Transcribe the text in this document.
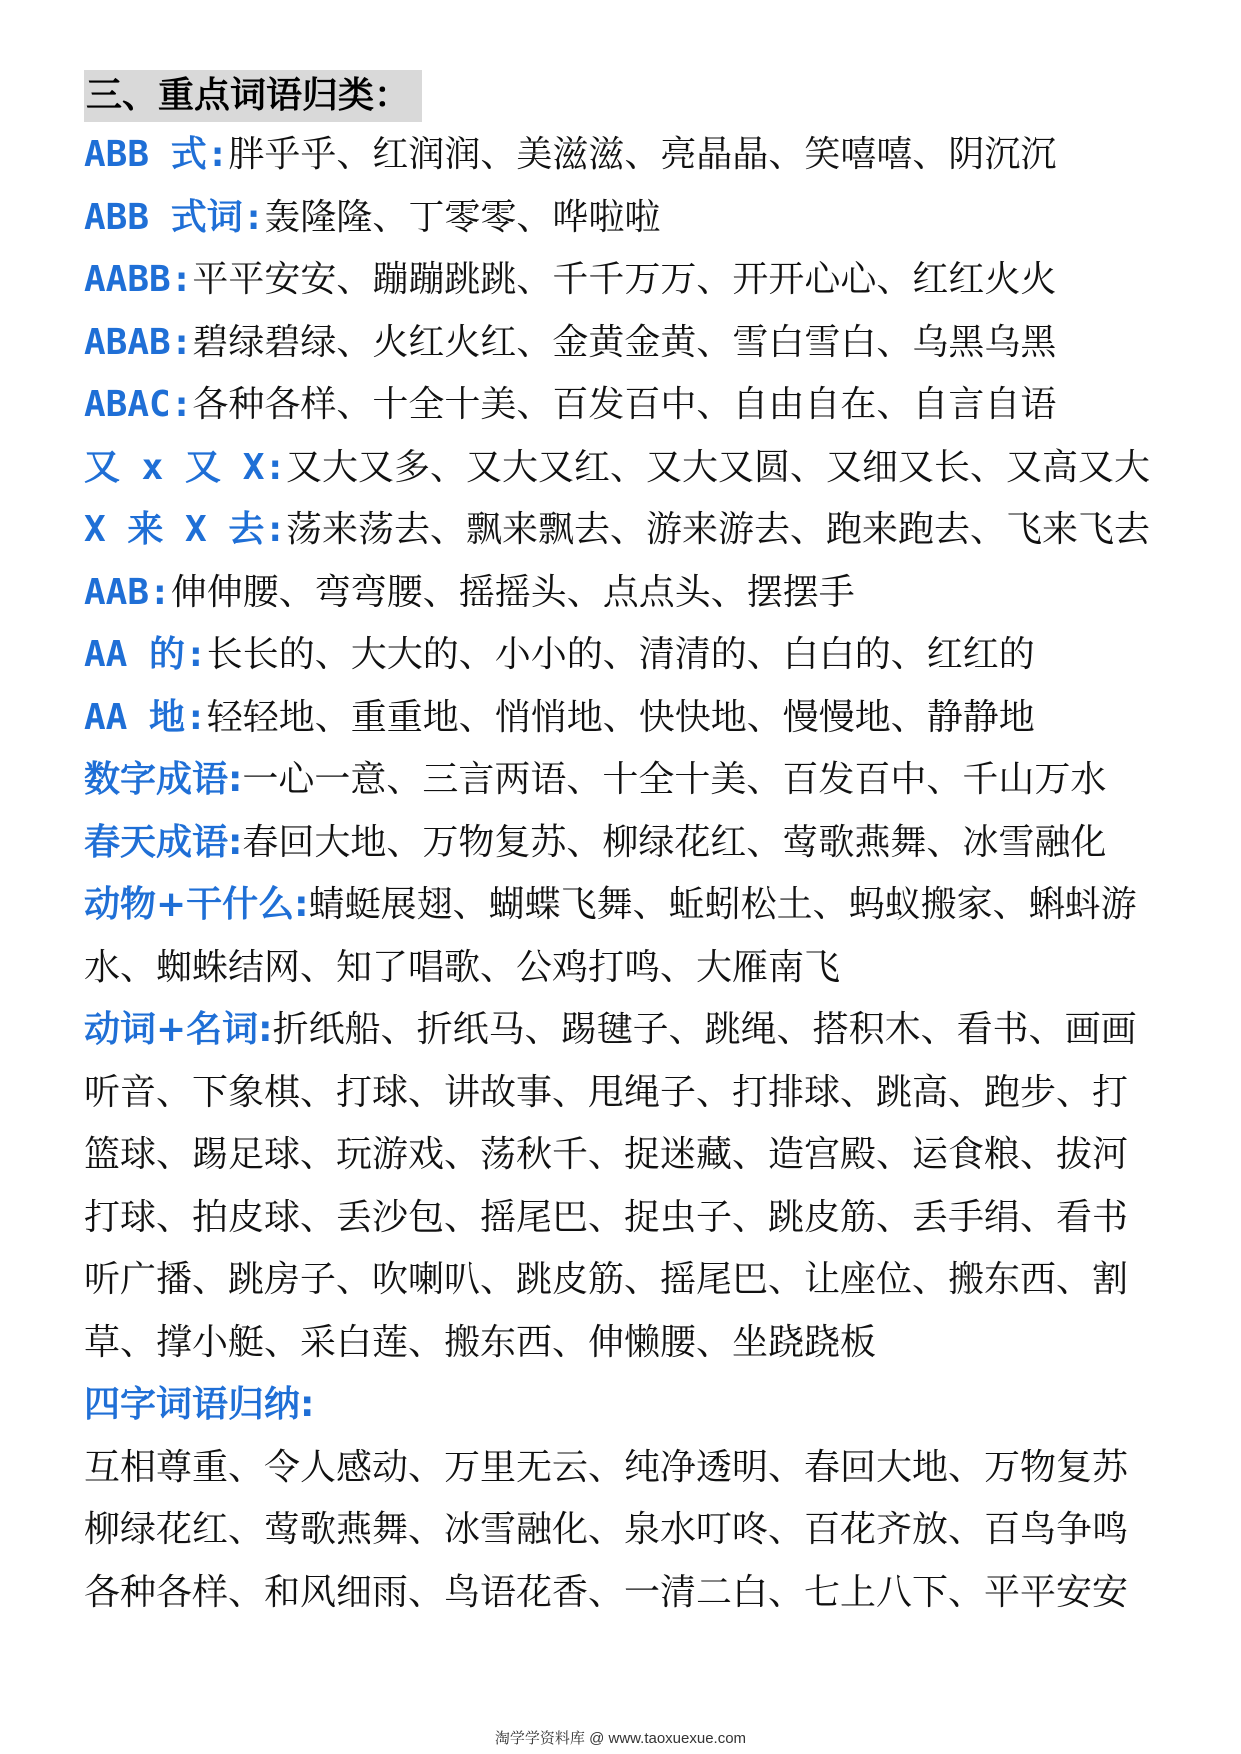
三、重点词语归类：
ABB 式:胖乎乎、红润润、美滋滋、亮晶晶、笑嘻嘻、阴沉沉
ABB 式词:轰隆隆、丁零零、哗啦啦
AABB:平平安安、蹦蹦跳跳、千千万万、开开心心、红红火火
ABAB:碧绿碧绿、火红火红、金黄金黄、雪白雪白、乌黑乌黑
ABAC:各种各样、十全十美、百发百中、自由自在、自言自语
又 x 又 X:又大又多、又大又红、又大又圆、又细又长、又高又大
X 来 X 去:荡来荡去、飘来飘去、游来游去、跑来跑去、飞来飞去
AAB:伸伸腰、弯弯腰、摇摇头、点点头、摆摆手
AA 的:长长的、大大的、小小的、清清的、白白的、红红的
AA 地:轻轻地、重重地、悄悄地、快快地、慢慢地、静静地
数字成语:一心一意、三言两语、十全十美、百发百中、千山万水
春天成语:春回大地、万物复苏、柳绿花红、莺歌燕舞、冰雪融化
动物+干什么:蜻蜓展翅、蝴蝶飞舞、蚯蚓松土、蚂蚁搬家、蝌蚪游
水、蜘蛛结网、知了唱歌、公鸡打鸣、大雁南飞
动词+名词:折纸船、折纸马、踢毽子、跳绳、搭积木、看书、画画
听音、下象棋、打球、讲故事、甩绳子、打排球、跳高、跑步、打
篮球、踢足球、玩游戏、荡秋千、捉迷藏、造宫殿、运食粮、拔河
打球、拍皮球、丢沙包、摇尾巴、捉虫子、跳皮筋、丢手绢、看书
听广播、跳房子、吹喇叭、跳皮筋、摇尾巴、让座位、搬东西、割
草、撑小艇、采白莲、搬东西、伸懒腰、坐跷跷板
四字词语归纳:
互相尊重、令人感动、万里无云、纯净透明、春回大地、万物复苏
柳绿花红、莺歌燕舞、冰雪融化、泉水叮咚、百花齐放、百鸟争鸣
各种各样、和风细雨、鸟语花香、一清二白、七上八下、平平安安
淘学学资料库 @ www.taoxuexue.com
